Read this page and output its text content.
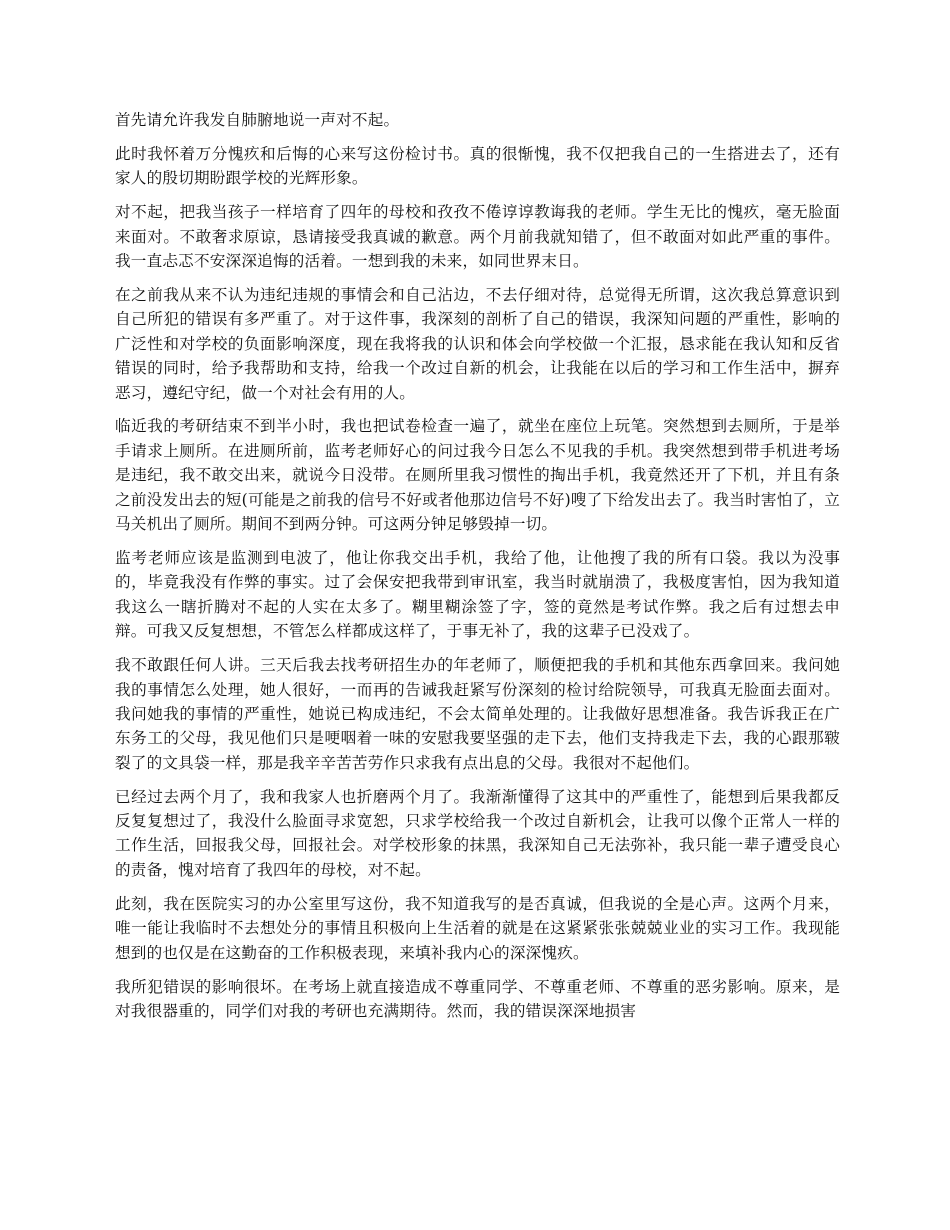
首先请允许我发自肺腑地说一声对不起。

此时我怀着万分愧疚和后悔的心来写这份检讨书。真的很惭愧，我不仅把我自己的一生搭进去了，还有家人的殷切期盼跟学校的光辉形象。

对不起，把我当孩子一样培育了四年的母校和孜孜不倦谆谆教诲我的老师。学生无比的愧疚，毫无脸面来面对。不敢奢求原谅，恳请接受我真诚的歉意。两个月前我就知错了，但不敢面对如此严重的事件。我一直忐忑不安深深追悔的活着。一想到我的未来，如同世界末日。

在之前我从来不认为违纪违规的事情会和自己沾边，不去仔细对待，总觉得无所谓，这次我总算意识到自己所犯的错误有多严重了。对于这件事，我深刻的剖析了自己的错误，我深知问题的严重性，影响的广泛性和对学校的负面影响深度，现在我将我的认识和体会向学校做一个汇报，恳求能在我认知和反省错误的同时，给予我帮助和支持，给我一个改过自新的机会，让我能在以后的学习和工作生活中，摒弃恶习，遵纪守纪，做一个对社会有用的人。

临近我的考研结束不到半小时，我也把试卷检查一遍了，就坐在座位上玩笔。突然想到去厕所，于是举手请求上厕所。在进厕所前，监考老师好心的问过我今日怎么不见我的手机。我突然想到带手机进考场是违纪，我不敢交出来，就说今日没带。在厕所里我习惯性的掏出手机，我竟然还开了下机，并且有条之前没发出去的短(可能是之前我的信号不好或者他那边信号不好)嗖了下给发出去了。我当时害怕了，立马关机出了厕所。期间不到两分钟。可这两分钟足够毁掉一切。

监考老师应该是监测到电波了，他让你我交出手机，我给了他，让他搜了我的所有口袋。我以为没事的，毕竟我没有作弊的事实。过了会保安把我带到审讯室，我当时就崩溃了，我极度害怕，因为我知道我这么一瞎折腾对不起的人实在太多了。糊里糊涂签了字，签的竟然是考试作弊。我之后有过想去申辩。可我又反复想想，不管怎么样都成这样了，于事无补了，我的这辈子已没戏了。

我不敢跟任何人讲。三天后我去找考研招生办的年老师了，顺便把我的手机和其他东西拿回来。我问她我的事情怎么处理，她人很好，一而再的告诫我赶紧写份深刻的检讨给院领导，可我真无脸面去面对。我问她我的事情的严重性，她说已构成违纪，不会太简单处理的。让我做好思想准备。我告诉我正在广东务工的父母，我见他们只是哽咽着一味的安慰我要坚强的走下去，他们支持我走下去，我的心跟那皲裂了的文具袋一样，那是我辛辛苦苦劳作只求我有点出息的父母。我很对不起他们。

已经过去两个月了，我和我家人也折磨两个月了。我渐渐懂得了这其中的严重性了，能想到后果我都反反复复想过了，我没什么脸面寻求宽恕，只求学校给我一个改过自新机会，让我可以像个正常人一样的工作生活，回报我父母，回报社会。对学校形象的抹黑，我深知自己无法弥补，我只能一辈子遭受良心的责备，愧对培育了我四年的母校，对不起。

此刻，我在医院实习的办公室里写这份，我不知道我写的是否真诚，但我说的全是心声。这两个月来，唯一能让我临时不去想处分的事情且积极向上生活着的就是在这紧紧张张兢兢业业的实习工作。我现能想到的也仅是在这勤奋的工作积极表现，来填补我内心的深深愧疚。

我所犯错误的影响很坏。在考场上就直接造成不尊重同学、不尊重老师、不尊重的恶劣影响。原来，是对我很器重的，同学们对我的考研也充满期待。然而，我的错误深深地损害
